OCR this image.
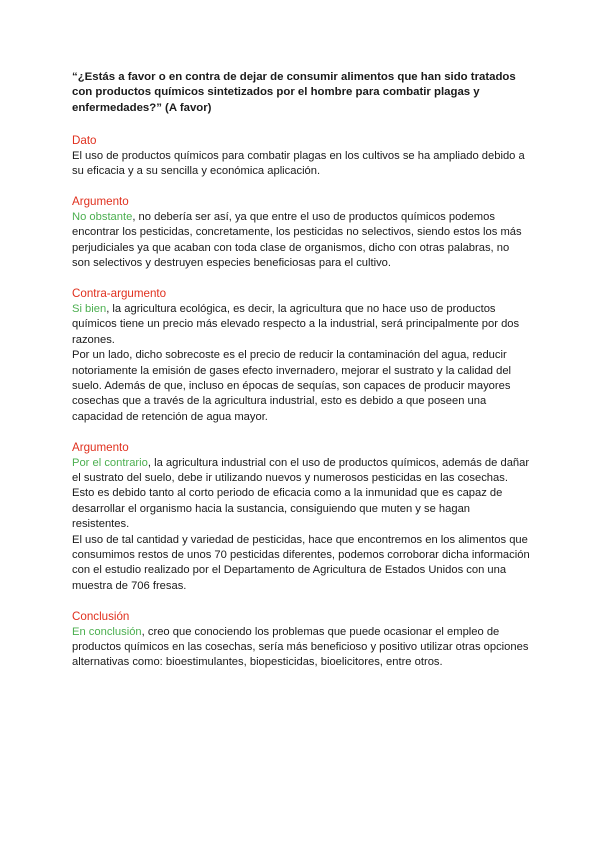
“¿Estás a favor o en contra de dejar de consumir alimentos que han sido tratados con productos químicos sintetizados por el hombre para combatir plagas y enfermedades?” (A favor)

Dato

El uso de productos químicos para combatir plagas en los cultivos se ha ampliado debido a su eficacia y a su sencilla y económica aplicación.

Argumento

No obstante, no debería ser así, ya que entre el uso de productos químicos podemos encontrar los pesticidas, concretamente, los pesticidas no selectivos, siendo estos los más perjudiciales ya que acaban con toda clase de organismos, dicho con otras palabras, no son selectivos y destruyen especies beneficiosas para el cultivo.

Contra-argumento

Si bien, la agricultura ecológica, es decir, la agricultura que no hace uso de productos químicos tiene un precio más elevado respecto a la industrial, será principalmente por dos razones.

Por un lado, dicho sobrecoste es el precio de reducir la contaminación del agua, reducir notoriamente la emisión de gases efecto invernadero, mejorar el sustrato y la calidad del suelo. Además de que, incluso en épocas de sequías, son capaces de producir mayores cosechas que a través de la agricultura industrial, esto es debido a que poseen una capacidad de retención de agua mayor.

Argumento

Por el contrario, la agricultura industrial con el uso de productos químicos, además de dañar el sustrato del suelo, debe ir utilizando nuevos y numerosos pesticidas en las cosechas. Esto es debido tanto al corto periodo de eficacia como a la inmunidad que es capaz de desarrollar el organismo hacia la sustancia, consiguiendo que muten y se hagan resistentes.

El uso de tal cantidad y variedad de pesticidas, hace que encontremos en los alimentos que consumimos restos de unos 70 pesticidas diferentes, podemos corroborar dicha información con el estudio realizado por el Departamento de Agricultura de Estados Unidos con una muestra de 706 fresas.

Conclusión

En conclusión, creo que conociendo los problemas que puede ocasionar el empleo de productos químicos en las cosechas, sería más beneficioso y positivo utilizar otras opciones alternativas como: bioestimulantes, biopesticidas, bioelicitores, entre otros.
